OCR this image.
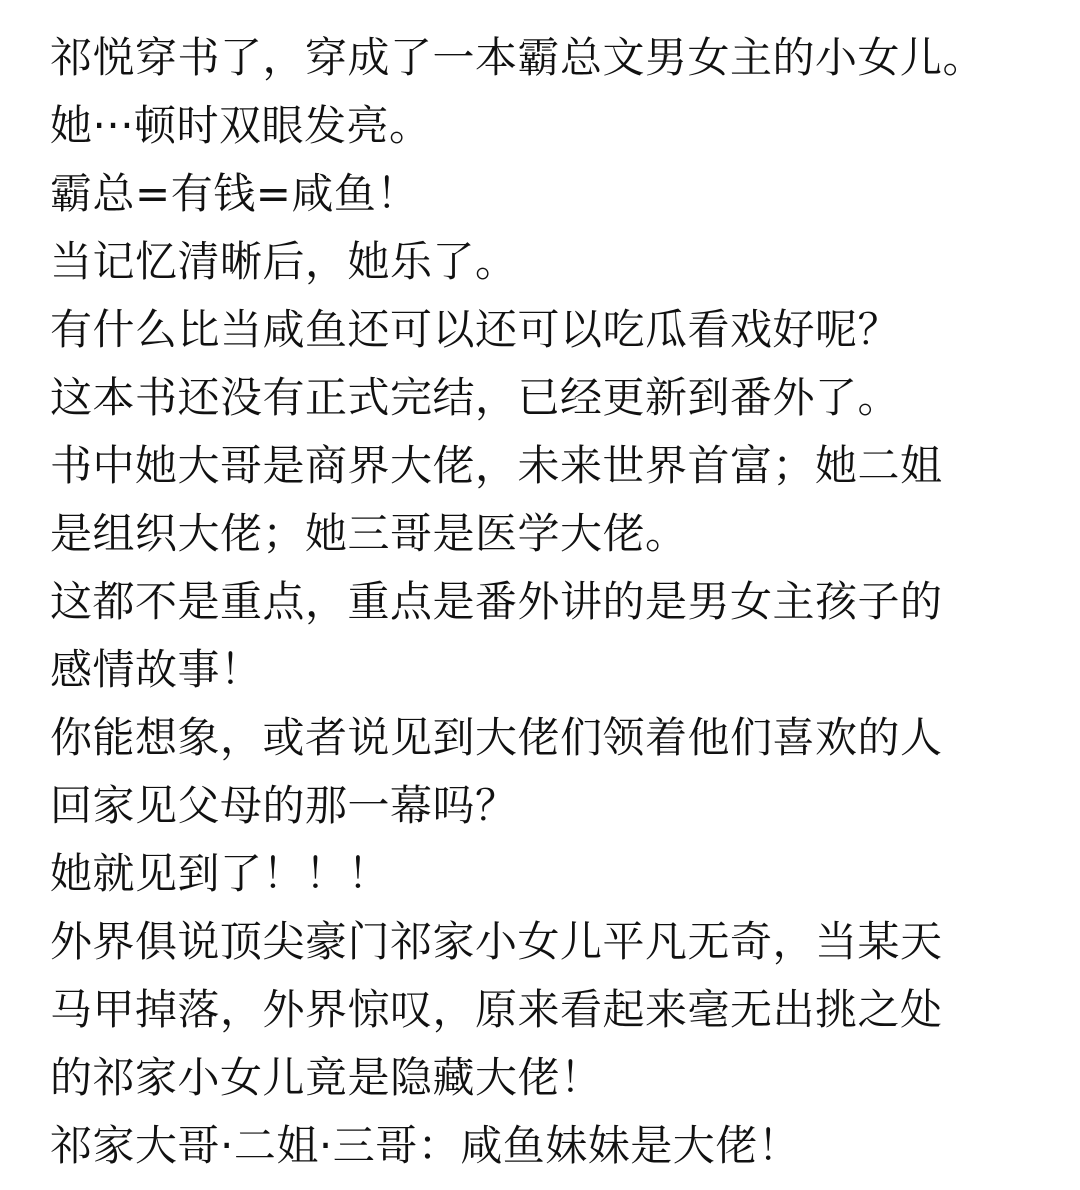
祁悦穿书了，穿成了一本霸总文男女主的小女儿。
她···顿时双眼发亮。
霸总=有钱=咸鱼！
当记忆清晰后，她乐了。
有什么比当咸鱼还可以还可以吃瓜看戏好呢？
这本书还没有正式完结，已经更新到番外了。
书中她大哥是商界大佬，未来世界首富；她二姐
是组织大佬；她三哥是医学大佬。
这都不是重点，重点是番外讲的是男女主孩子的
感情故事！
你能想象，或者说见到大佬们领着他们喜欢的人
回家见父母的那一幕吗？
她就见到了！！！
外界俱说顶尖豪门祁家小女儿平凡无奇，当某天
马甲掉落，外界惊叹，原来看起来毫无出挑之处
的祁家小女儿竟是隐藏大佬！
祁家大哥·二姐·三哥：咸鱼妹妹是大佬！
